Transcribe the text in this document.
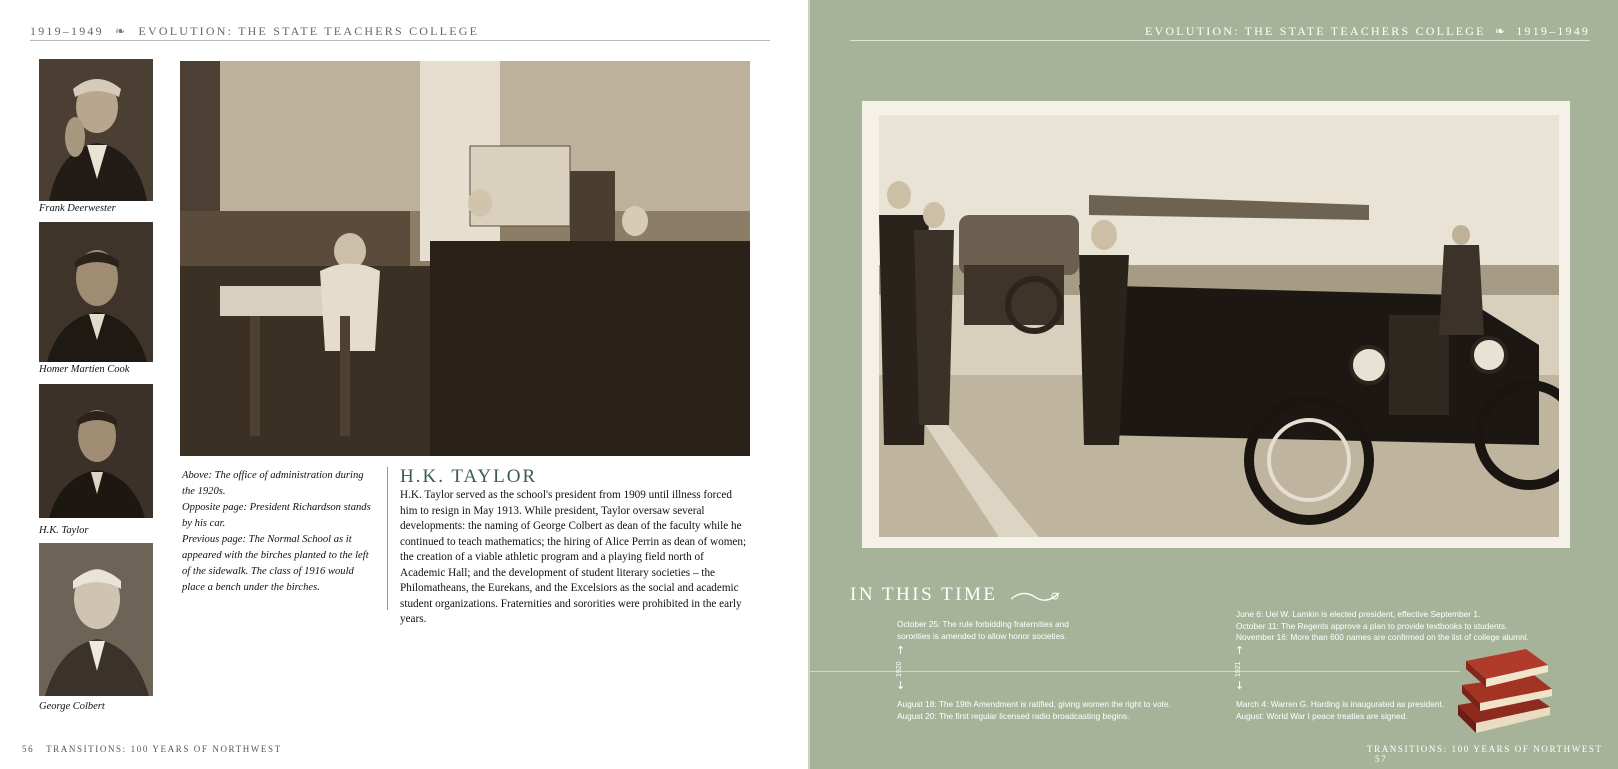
1919–1949 ❧ EVOLUTION: THE STATE TEACHERS COLLEGE
Frank Deerwester
Homer Martien Cook
H.K. Taylor
George Colbert

Above: The office of administration during the 1920s.

Opposite page: President Richardson stands by his car.

Previous page: The Normal School as it appeared with the birches planted to the left of the sidewalk. The class of 1916 would place a bench under the birches.

H.K. TAYLOR
H.K. Taylor served as the school's president from 1909 until illness forced him to resign in May 1913. While president, Taylor oversaw several developments: the naming of George Colbert as dean of the faculty while he continued to teach mathematics; the hiring of Alice Perrin as dean of women; the creation of a viable athletic program and a playing field north of Academic Hall; and the development of student literary societies – the Philomatheans, the Eurekans, and the Excelsiors as the social and academic student organizations. Fraternities and sororities were prohibited in the early years.
56 TRANSITIONS: 100 YEARS OF NORTHWEST
EVOLUTION: THE STATE TEACHERS COLLEGE ❧ 1919–1949
IN THIS TIME
October 25: The rule forbidding fraternities and
sororities is amended to allow honor societies.
↑
1920
↓
August 18: The 19th Amendment is ratified, giving women the right to vote.
August 20: The first regular licensed radio broadcasting begins.
June 6: Uel W. Lamkin is elected president, effective September 1.
October 11: The Regents approve a plan to provide textbooks to students.
November 16: More than 600 names are confirmed on the list of college alumni.
↑
1921
↓
March 4: Warren G. Harding is inaugurated as president.
August: World War I peace treaties are signed.
TRANSITIONS: 100 YEARS OF NORTHWEST 57
